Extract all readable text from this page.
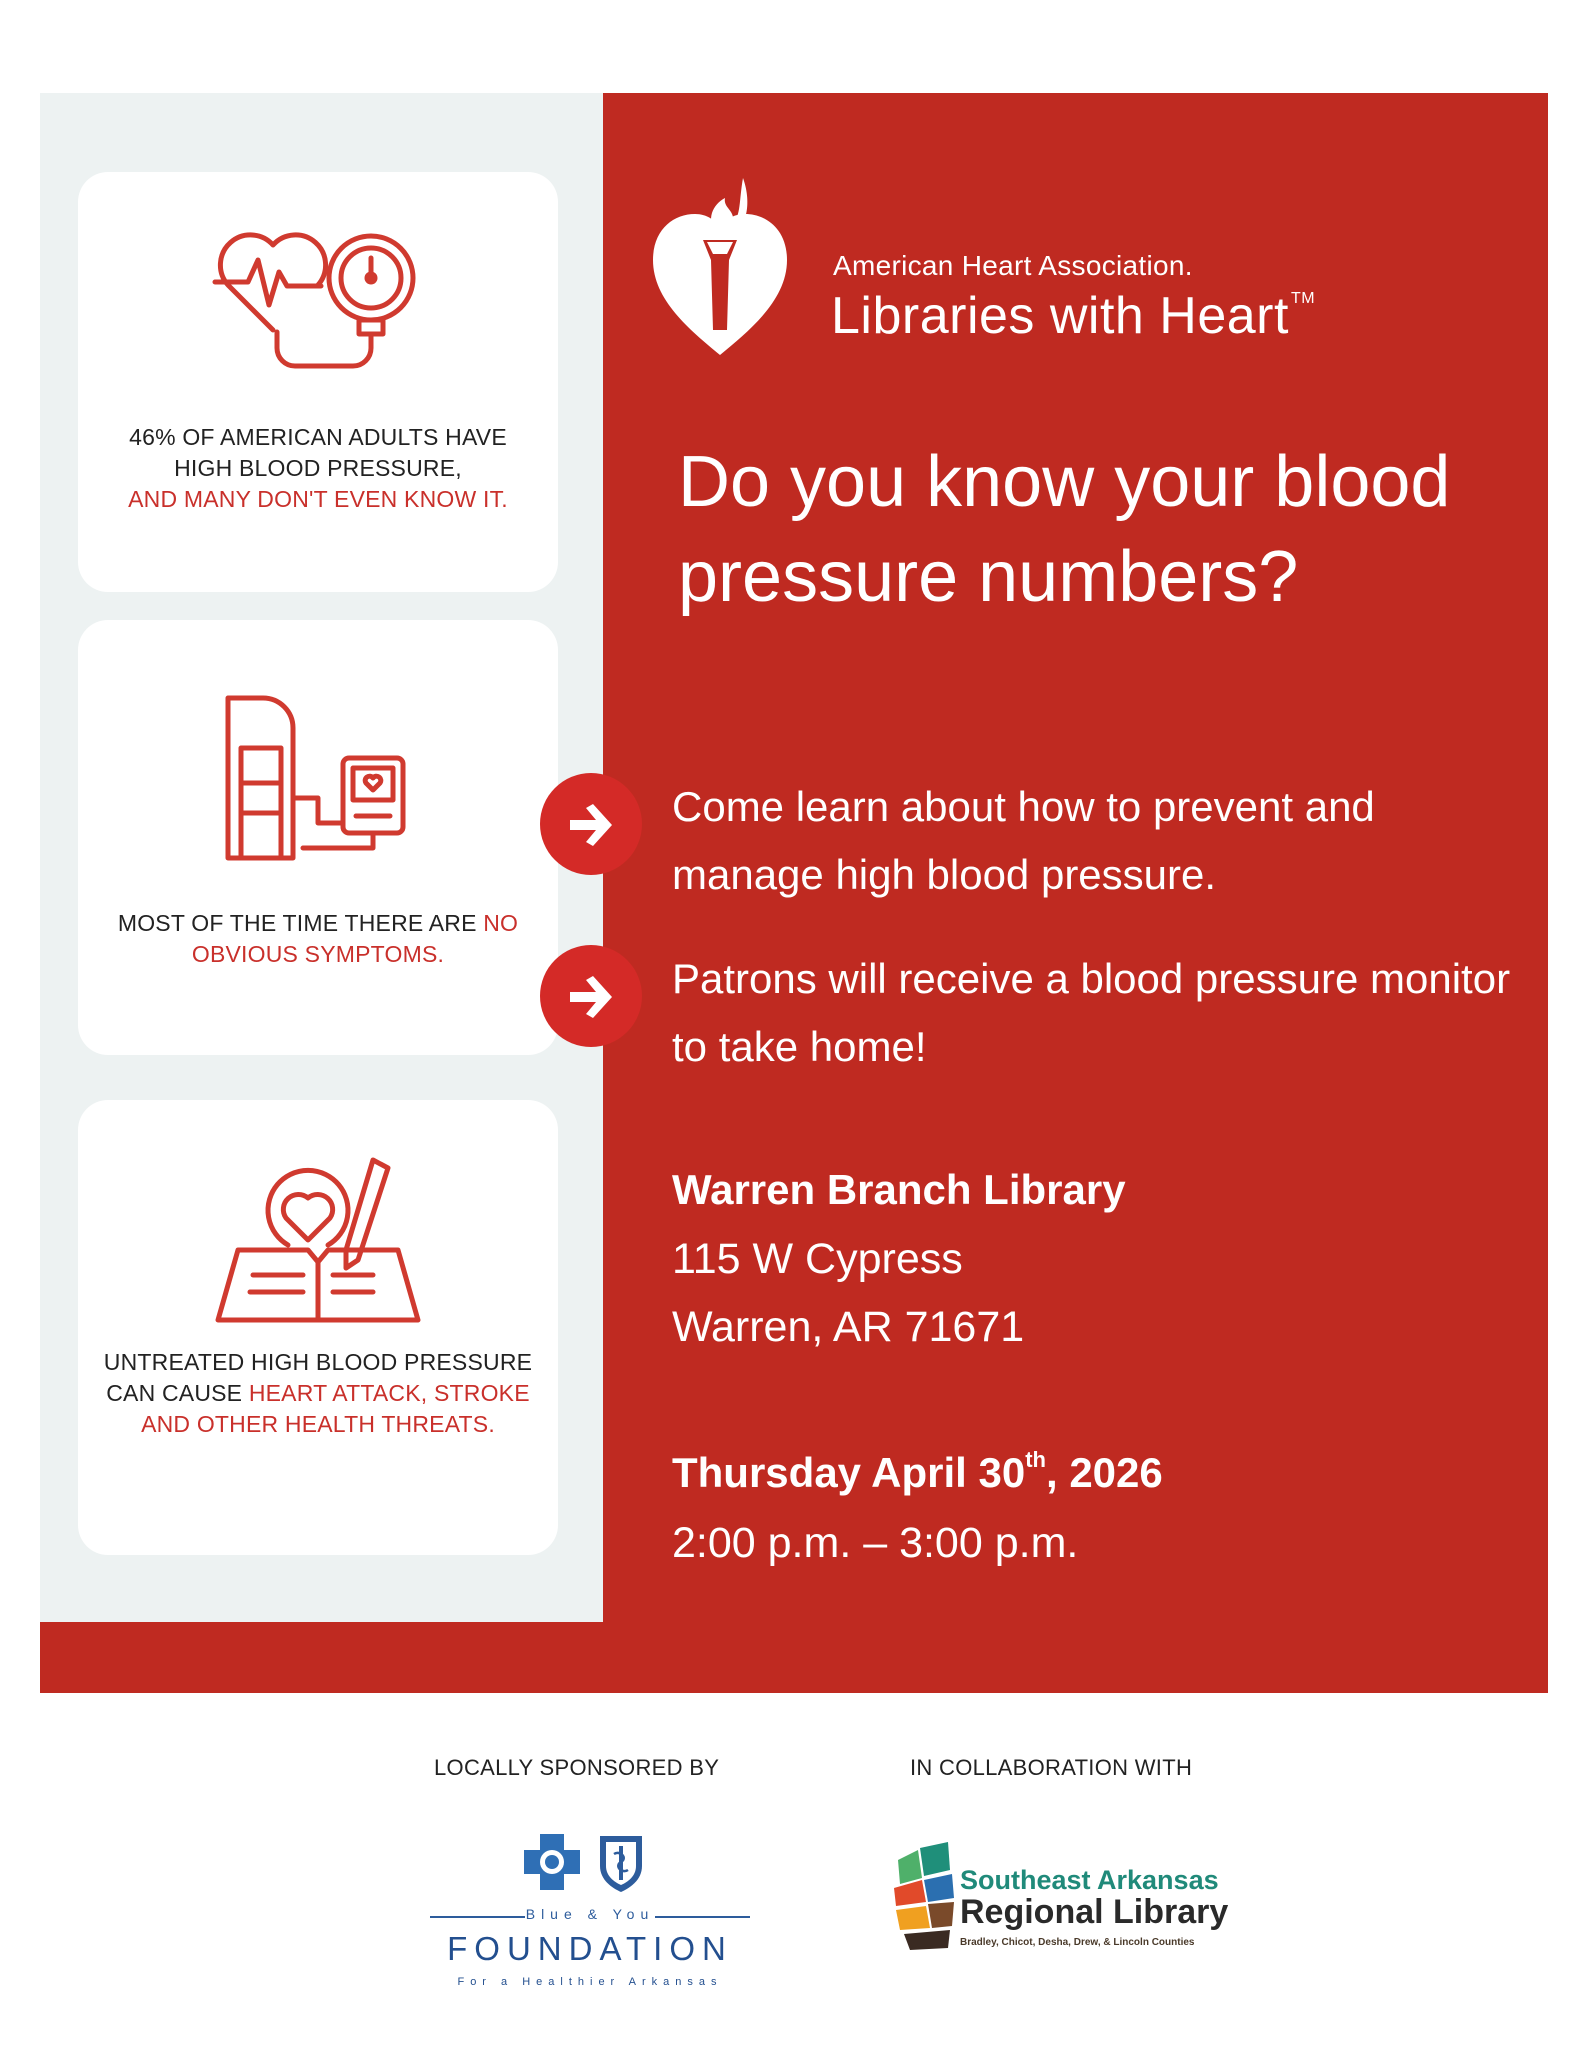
46% OF AMERICAN ADULTS HAVE HIGH BLOOD PRESSURE,
AND MANY DON'T EVEN KNOW IT.
MOST OF THE TIME THERE ARE NO OBVIOUS SYMPTOMS.
UNTREATED HIGH BLOOD PRESSURE CAN CAUSE HEART ATTACK, STROKE AND OTHER HEALTH THREATS.
American Heart Association.
Libraries with Heart ™
Do you know your blood pressure numbers?
Come learn about how to prevent and manage high blood pressure.
Patrons will receive a blood pressure monitor to take home!
Warren Branch Library
115 W Cypress
Warren, AR 71671
Thursday April 30th, 2026
2:00 p.m. – 3:00 p.m.
LOCALLY SPONSORED BY	IN COLLABORATION WITH
Blue & You
FOUNDATION
For a Healthier Arkansas
Southeast Arkansas
Regional Library
Bradley, Chicot, Desha, Drew, & Lincoln Counties
